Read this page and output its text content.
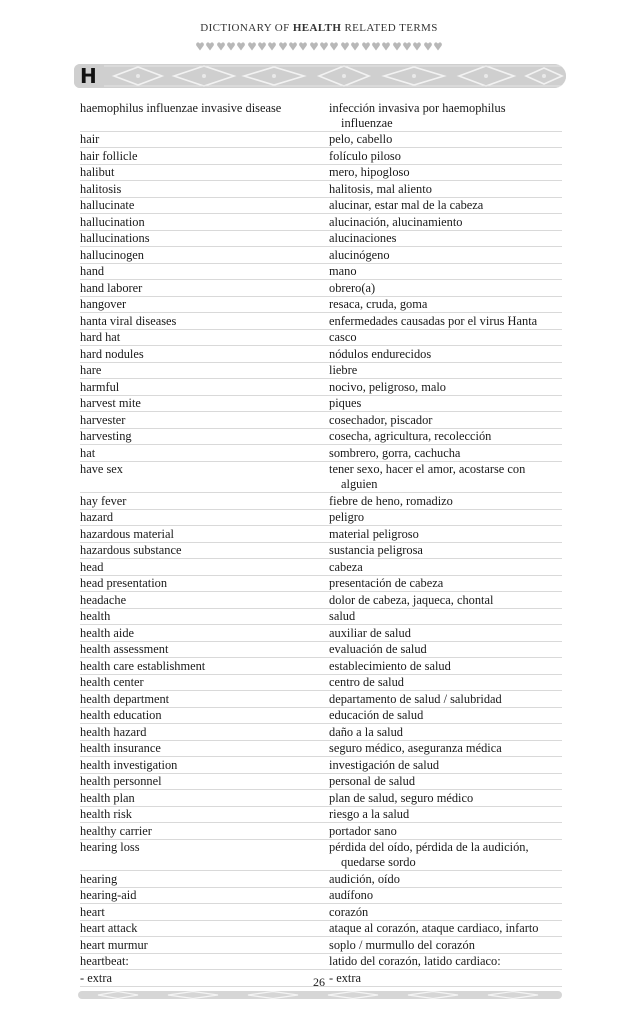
DICTIONARY OF HEALTH RELATED TERMS
H
haemophilus influenzae invasive disease	infección invasiva por haemophilus
influenzae
hair	pelo, cabello
hair follicle	folículo piloso
halibut	mero, hipogloso
halitosis	halitosis, mal aliento
hallucinate	alucinar, estar mal de la cabeza
hallucination	alucinación, alucinamiento
hallucinations	alucinaciones
hallucinogen	alucinógeno
hand	mano
hand laborer	obrero(a)
hangover	resaca, cruda, goma
hanta viral diseases	enfermedades causadas por el virus Hanta
hard hat	casco
hard nodules	nódulos endurecidos
hare	liebre
harmful	nocivo, peligroso, malo
harvest mite	piques
harvester	cosechador, piscador
harvesting	cosecha, agricultura, recolección
hat	sombrero, gorra, cachucha
have sex	tener sexo, hacer el amor, acostarse con
alguien
hay fever	fiebre de heno, romadizo
hazard	peligro
hazardous material	material peligroso
hazardous substance	sustancia peligrosa
head	cabeza
head presentation	presentación de cabeza
headache	dolor de cabeza, jaqueca, chontal
health	salud
health aide	auxiliar de salud
health assessment	evaluación de salud
health care establishment	establecimiento de salud
health center	centro de salud
health department	departamento de salud / salubridad
health education	educación de salud
health hazard	daño a la salud
health insurance	seguro médico, aseguranza médica
health investigation	investigación de salud
health personnel	personal de salud
health plan	plan de salud, seguro médico
health risk	riesgo a la salud
healthy carrier	portador sano
hearing loss	pérdida del oído, pérdida de la audición,
quedarse sordo
hearing	audición, oído
hearing-aid	audífono
heart	corazón
heart attack	ataque al corazón, ataque cardiaco, infarto
heart murmur	soplo / murmullo del corazón
heartbeat:	latido del corazón, latido cardiaco:
- extra	- extra
26
